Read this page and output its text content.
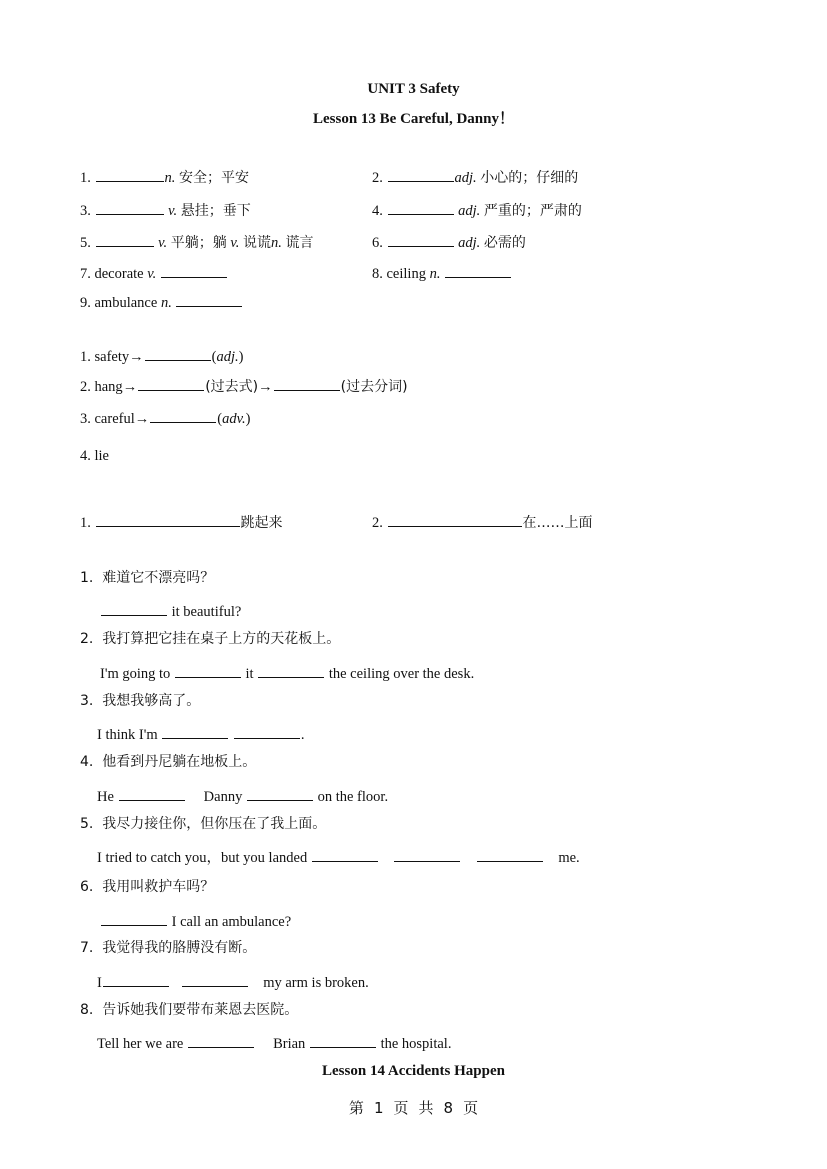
UNIT 3 Safety
Lesson 13 Be Careful, Danny！
1.	n. 安全；平安	2.	adj. 小心的；仔细的
3.	v. 悬挂；垂下	4.	adj. 严重的；严肃的
5.	v. 平躺；躺 v. 说谎n. 谎言	6.	adj. 必需的
7. decorate v.	8. ceiling n.
9. ambulance n.
1. safety→	(adj.)
2. hang→	(过去式)→	(过去分词)
3. careful→	(adv.)
4. lie
1.	跳起来	2.	在……上面
1. 难道它不漂亮吗？
it beautiful?
2. 我打算把它挂在桌子上方的天花板上。
I'm going to	it	the ceiling over the desk.
3. 我想我够高了。
I think I'm	.
4. 他看到丹尼躺在地板上。
He	Danny	on the floor.
5. 我尽力接住你，但你压在了我上面。
I tried to catch you，but you landed	me.
6. 我用叫救护车吗？
I call an ambulance?
7. 我觉得我的胳膊没有断。
I	my arm is broken.
8. 告诉她我们要带布莱恩去医院。
Tell her we are	Brian	the hospital.
Lesson 14 Accidents Happen
第 1 页 共 8 页
